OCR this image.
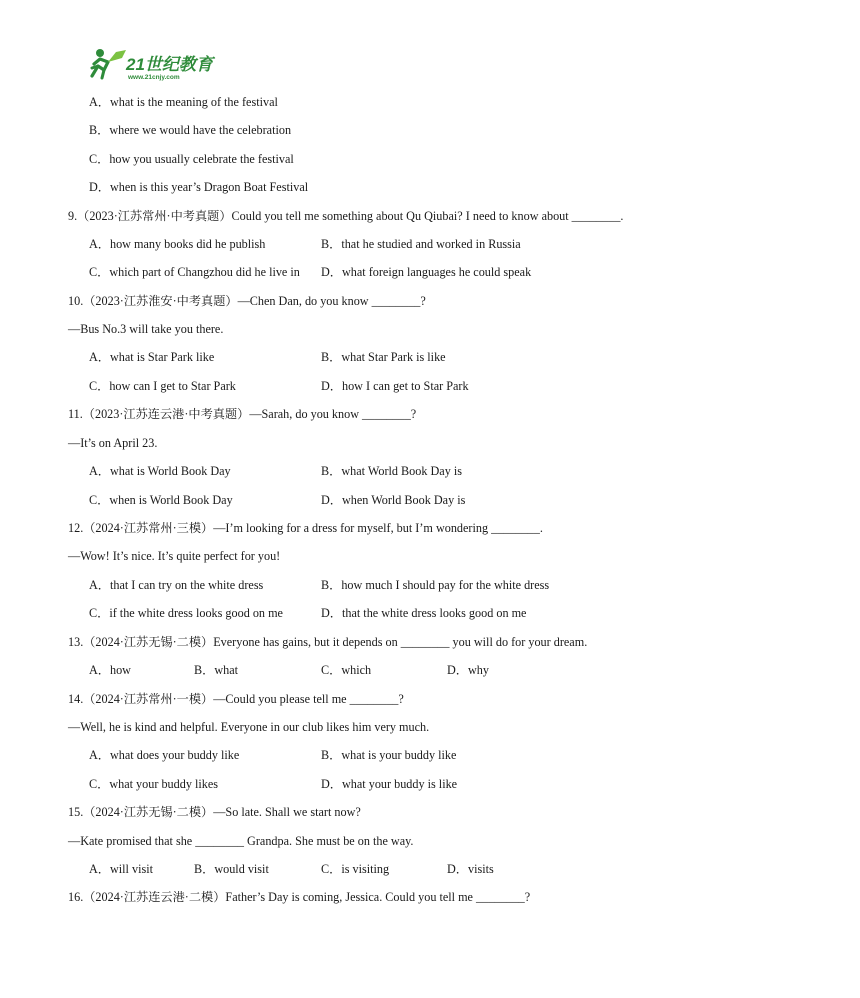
21世纪教育
www.21cnjy.com
A．what is the meaning of the festival
B．where we would have the celebration
C．how you usually celebrate the festival
D．when is this year’s Dragon Boat Festival
9.（2023·江苏常州·中考真题）Could you tell me something about Qu Qiubai? I need to know about ________.
A．how many books did he publish	B．that he studied and worked in Russia
C．which part of Changzhou did he live in D．what foreign languages he could speak
10.（2023·江苏淮安·中考真题）—Chen Dan, do you know ________?
—Bus No.3 will take you there.
A．what is Star Park like	B．what Star Park is like
C．how can I get to Star Park	D．how I can get to Star Park
11.（2023·江苏连云港·中考真题）—Sarah, do you know ________?
—It’s on April 23.
A．what is World Book Day	B．what World Book Day is
C．when is World Book Day	D．when World Book Day is
12.（2024·江苏常州·三模）—I’m looking for a dress for myself, but I’m wondering ________.
—Wow! It’s nice. It’s quite perfect for you!
A．that I can try on the white dress	B．how much I should pay for the white dress
C．if the white dress looks good on me	D．that the white dress looks good on me
13.（2024·江苏无锡·二模）Everyone has gains, but it depends on ________ you will do for your dream.
A．how	B．what	C．which	D．why
14.（2024·江苏常州·一模）—Could you please tell me ________?
—Well, he is kind and helpful. Everyone in our club likes him very much.
A．what does your buddy like	B．what is your buddy like
C．what your buddy likes	D．what your buddy is like
15.（2024·江苏无锡·二模）—So late. Shall we start now?
—Kate promised that she ________ Grandpa. She must be on the way.
A．will visit	B．would visit	C．is visiting	D．visits
16.（2024·江苏连云港·二模）Father’s Day is coming, Jessica. Could you tell me ________?
